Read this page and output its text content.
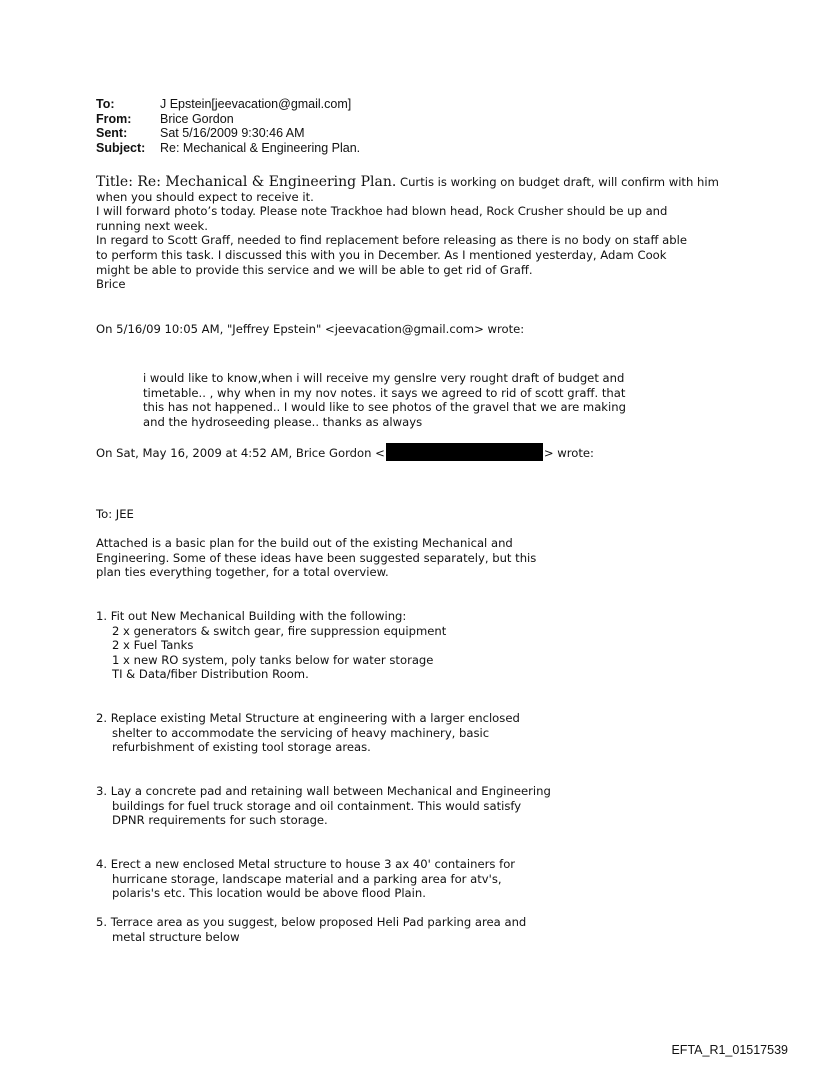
To:	J Epstein[jeevacation@gmail.com]
From:	Brice Gordon
Sent:	Sat 5/16/2009 9:30:46 AM
Subject:	Re: Mechanical & Engineering Plan.

Title: Re: Mechanical & Engineering Plan. Curtis is working on budget draft, will confirm with him

when you should expect to receive it.

I will forward photo’s today. Please note Trackhoe had blown head, Rock Crusher should be up and

running next week.

In regard to Scott Graff, needed to find replacement before releasing as there is no body on staff able

to perform this task. I discussed this with you in December. As I mentioned yesterday, Adam Cook

might be able to provide this service and we will be able to get rid of Graff.

Brice

On 5/16/09 10:05 AM, "Jeffrey Epstein" <jeevacation@gmail.com> wrote:

i would like to know,when i will receive my genslre very rought draft of budget and

timetable.. , why when in my nov notes. it says we agreed to rid of scott graff. that

this has not happened.. I would like to see photos of the gravel that we are making

and the hydroseeding please.. thanks as always

On Sat, May 16, 2009 at 4:52 AM, Brice Gordon <	> wrote:
To: JEE

Attached is a basic plan for the build out of the existing Mechanical and

Engineering. Some of these ideas have been suggested separately, but this

plan ties everything together, for a total overview.

1. Fit out New Mechanical Building with the following:

2 x generators & switch gear, fire suppression equipment

2 x Fuel Tanks

1 x new RO system, poly tanks below for water storage

TI & Data/fiber Distribution Room.

2. Replace existing Metal Structure at engineering with a larger enclosed

shelter to accommodate the servicing of heavy machinery, basic

refurbishment of existing tool storage areas.

3. Lay a concrete pad and retaining wall between Mechanical and Engineering

buildings for fuel truck storage and oil containment. This would satisfy

DPNR requirements for such storage.

4. Erect a new enclosed Metal structure to house 3 ax 40' containers for

hurricane storage, landscape material and a parking area for atv's,

polaris's etc. This location would be above flood Plain.

5. Terrace area as you suggest, below proposed Heli Pad parking area and

metal structure below

EFTA_R1_01517539
